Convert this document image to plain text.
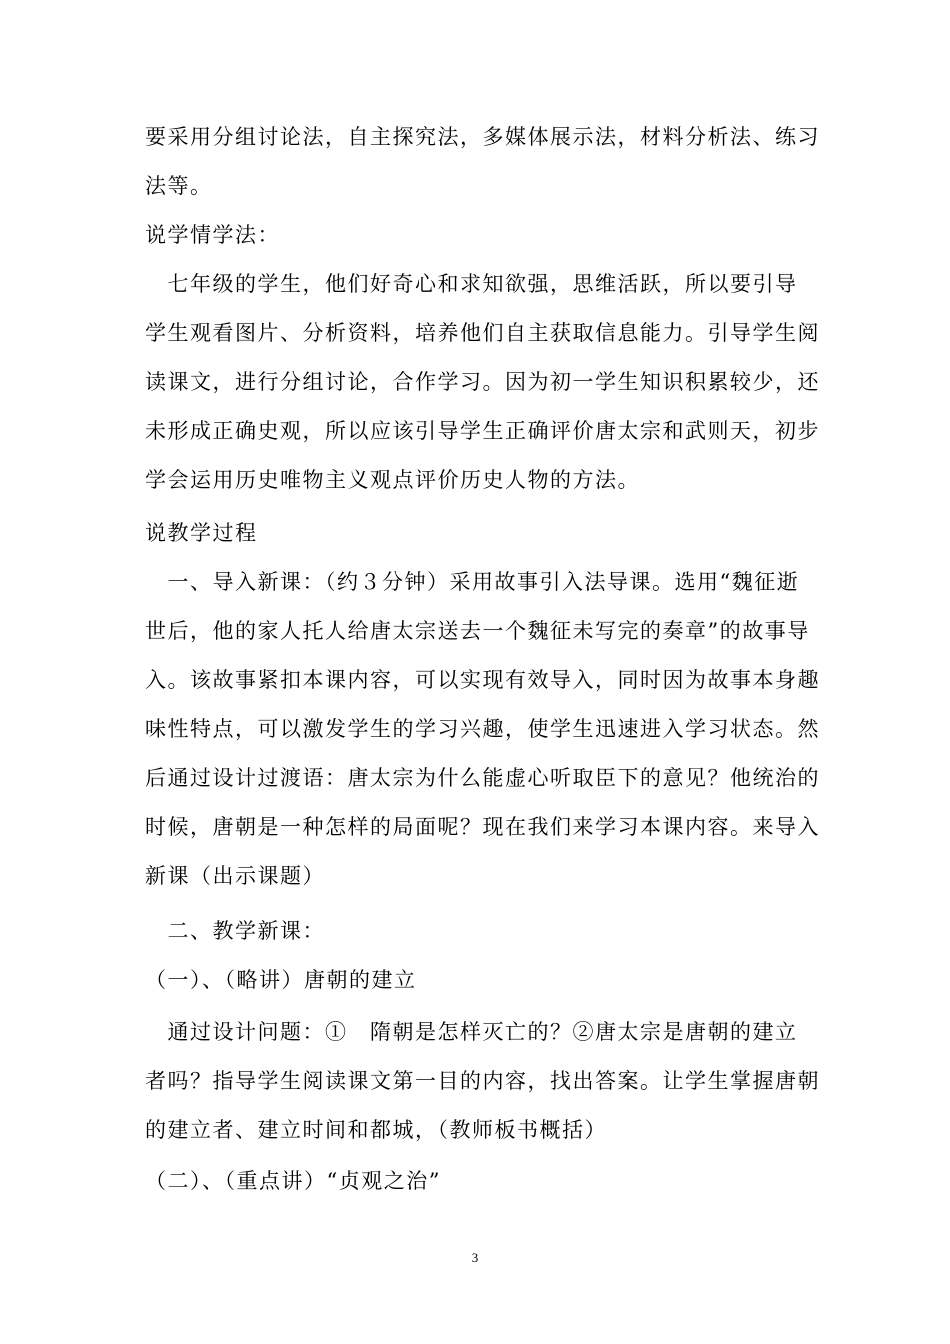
要采用分组讨论法，自主探究法，多媒体展示法，材料分析法、练习
法等。
说学情学法：
　七年级的学生，他们好奇心和求知欲强，思维活跃，所以要引导
学生观看图片、分析资料，培养他们自主获取信息能力。引导学生阅
读课文，进行分组讨论，合作学习。因为初一学生知识积累较少，还
未形成正确史观，所以应该引导学生正确评价唐太宗和武则天，初步
学会运用历史唯物主义观点评价历史人物的方法。
说教学过程
　一、导入新课：（约３分钟）采用故事引入法导课。选用“魏征逝
世后，他的家人托人给唐太宗送去一个魏征未写完的奏章”的故事导
入。该故事紧扣本课内容，可以实现有效导入，同时因为故事本身趣
味性特点，可以激发学生的学习兴趣，使学生迅速进入学习状态。然
后通过设计过渡语：唐太宗为什么能虚心听取臣下的意见？他统治的
时候，唐朝是一种怎样的局面呢？现在我们来学习本课内容。来导入
新课（出示课题）
　二、教学新课：
（一）、（略讲）唐朝的建立
　通过设计问题：①　隋朝是怎样灭亡的？②唐太宗是唐朝的建立
者吗？指导学生阅读课文第一目的内容，找出答案。让学生掌握唐朝
的建立者、建立时间和都城，（教师板书概括）
（二）、（重点讲）“贞观之治”
3
